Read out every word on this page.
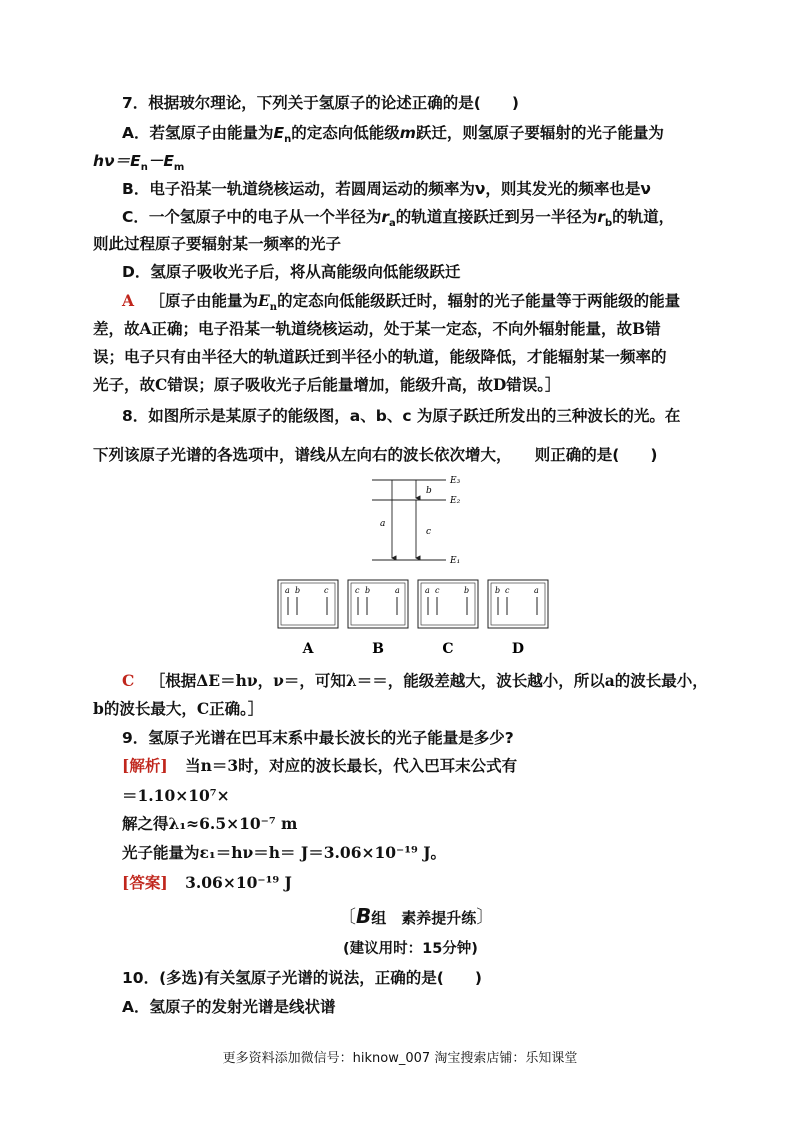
7．根据玻尔理论，下列关于氢原子的论述正确的是(　　)
A．若氢原子由能量为$E_n$的定态向低能级m跃迁，则氢原子要辐射的光子能量为
$h\nu=E_n-E_m$
B．电子沿某一轨道绕核运动，若圆周运动的频率为ν，则其发光的频率也是ν
C．一个氢原子中的电子从一个半径为$r_a$的轨道直接跃迁到另一半径为$r_b$的轨道，
则此过程原子要辐射某一频率的光子
D．氢原子吸收光子后，将从高能级向低能级跃迁
A ［原子由能量为$E_n$的定态向低能级跃迁时，辐射的光子能量等于两能级的能量
差，故A正确；电子沿某一轨道绕核运动，处于某一定态，不向外辐射能量，故B错
误；电子只有由半径大的轨道跃迁到半径小的轨道，能级降低，才能辐射某一频率的
光子，故C错误；原子吸收光子后能量增加，能级升高，故D错误。］
8．如图所示是某原子的能级图，a、b、c 为原子跃迁所发出的三种波长的光。在
下列该原子光谱的各选项中，谱线从左向右的波长依次增大，　　则正确的是(　　)
E₃
E₂
E₁
a
b
c
a b	c	c b	a	a c	b	b c	a
A	B	C	D
C ［根据ΔE＝hν，ν＝，可知λ＝＝，能级差越大，波长越小，所以a的波长最小，
b的波长最大，C正确。］
9．氢原子光谱在巴耳末系中最长波长的光子能量是多少?
[解析] 当n＝3时，对应的波长最长，代入巴耳末公式有
＝1.10×10⁷×
解之得λ₁≈6.5×10⁻⁷ m
光子能量为ε₁＝hν＝h＝ J＝3.06×10⁻¹⁹ J。
[答案] 3.06×10⁻¹⁹ J
〔B组　素养提升练〕
(建议用时：15分钟)
10．(多选)有关氢原子光谱的说法，正确的是(　　)
A．氢原子的发射光谱是线状谱
更多资料添加微信号：hiknow_007 淘宝搜索店铺：乐知课堂
